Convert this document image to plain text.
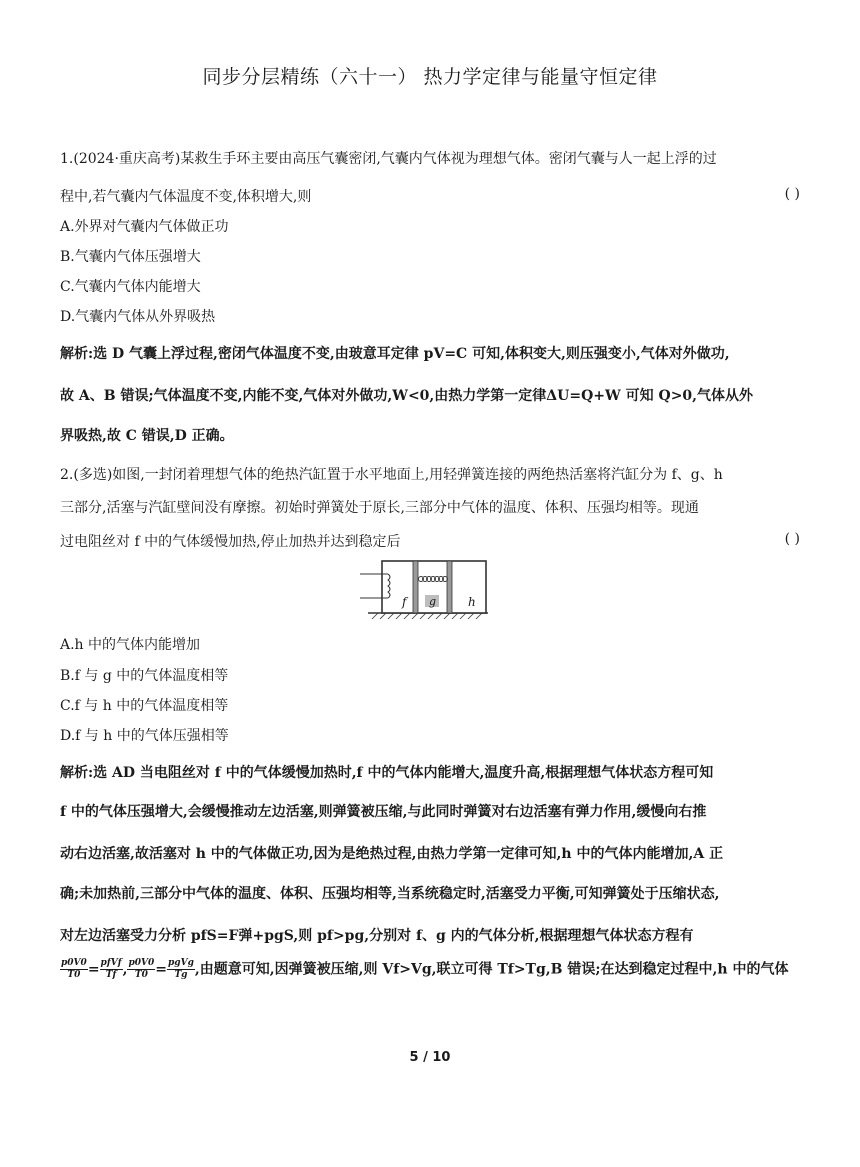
同步分层精练（六十一） 热力学定律与能量守恒定律
1.(2024·重庆高考)某救生手环主要由高压气囊密闭,气囊内气体视为理想气体。密闭气囊与人一起上浮的过
程中,若气囊内气体温度不变,体积增大,则	( )
A.外界对气囊内气体做正功
B.气囊内气体压强增大
C.气囊内气体内能增大
D.气囊内气体从外界吸热
解析:选 D 气囊上浮过程,密闭气体温度不变,由玻意耳定律 pV=C 可知,体积变大,则压强变小,气体对外做功,
故 A、B 错误;气体温度不变,内能不变,气体对外做功,W<0,由热力学第一定律ΔU=Q+W 可知 Q>0,气体从外
界吸热,故 C 错误,D 正确。
2.(多选)如图,一封闭着理想气体的绝热汽缸置于水平地面上,用轻弹簧连接的两绝热活塞将汽缸分为 f、g、h
三部分,活塞与汽缸壁间没有摩擦。初始时弹簧处于原长,三部分中气体的温度、体积、压强均相等。现通
过电阻丝对 f 中的气体缓慢加热,停止加热并达到稳定后	( )
f g	h
A.h 中的气体内能增加
B.f 与 g 中的气体温度相等
C.f 与 h 中的气体温度相等
D.f 与 h 中的气体压强相等
解析:选 AD 当电阻丝对 f 中的气体缓慢加热时,f 中的气体内能增大,温度升高,根据理想气体状态方程可知
f 中的气体压强增大,会缓慢推动左边活塞,则弹簧被压缩,与此同时弹簧对右边活塞有弹力作用,缓慢向右推
动右边活塞,故活塞对 h 中的气体做正功,因为是绝热过程,由热力学第一定律可知,h 中的气体内能增加,A 正
确;未加热前,三部分中气体的温度、体积、压强均相等,当系统稳定时,活塞受力平衡,可知弹簧处于压缩状态,
对左边活塞受力分析 pfS=F弹+pgS,则 pf>pg,分别对 f、g 内的气体分析,根据理想气体状态方程有
$\frac{p0V0}{T0} = \frac{\text{pfVf}}{Tf}$ , $\frac{p0V0}{T0} = \frac{\text{pgVg}}{Tg}$ ,由题意可知,因弹簧被压缩,则 Vf>Vg,联立可得 Tf>Tg,B 错误;在达到稳定过程中,h 中的气体
5 / 10
